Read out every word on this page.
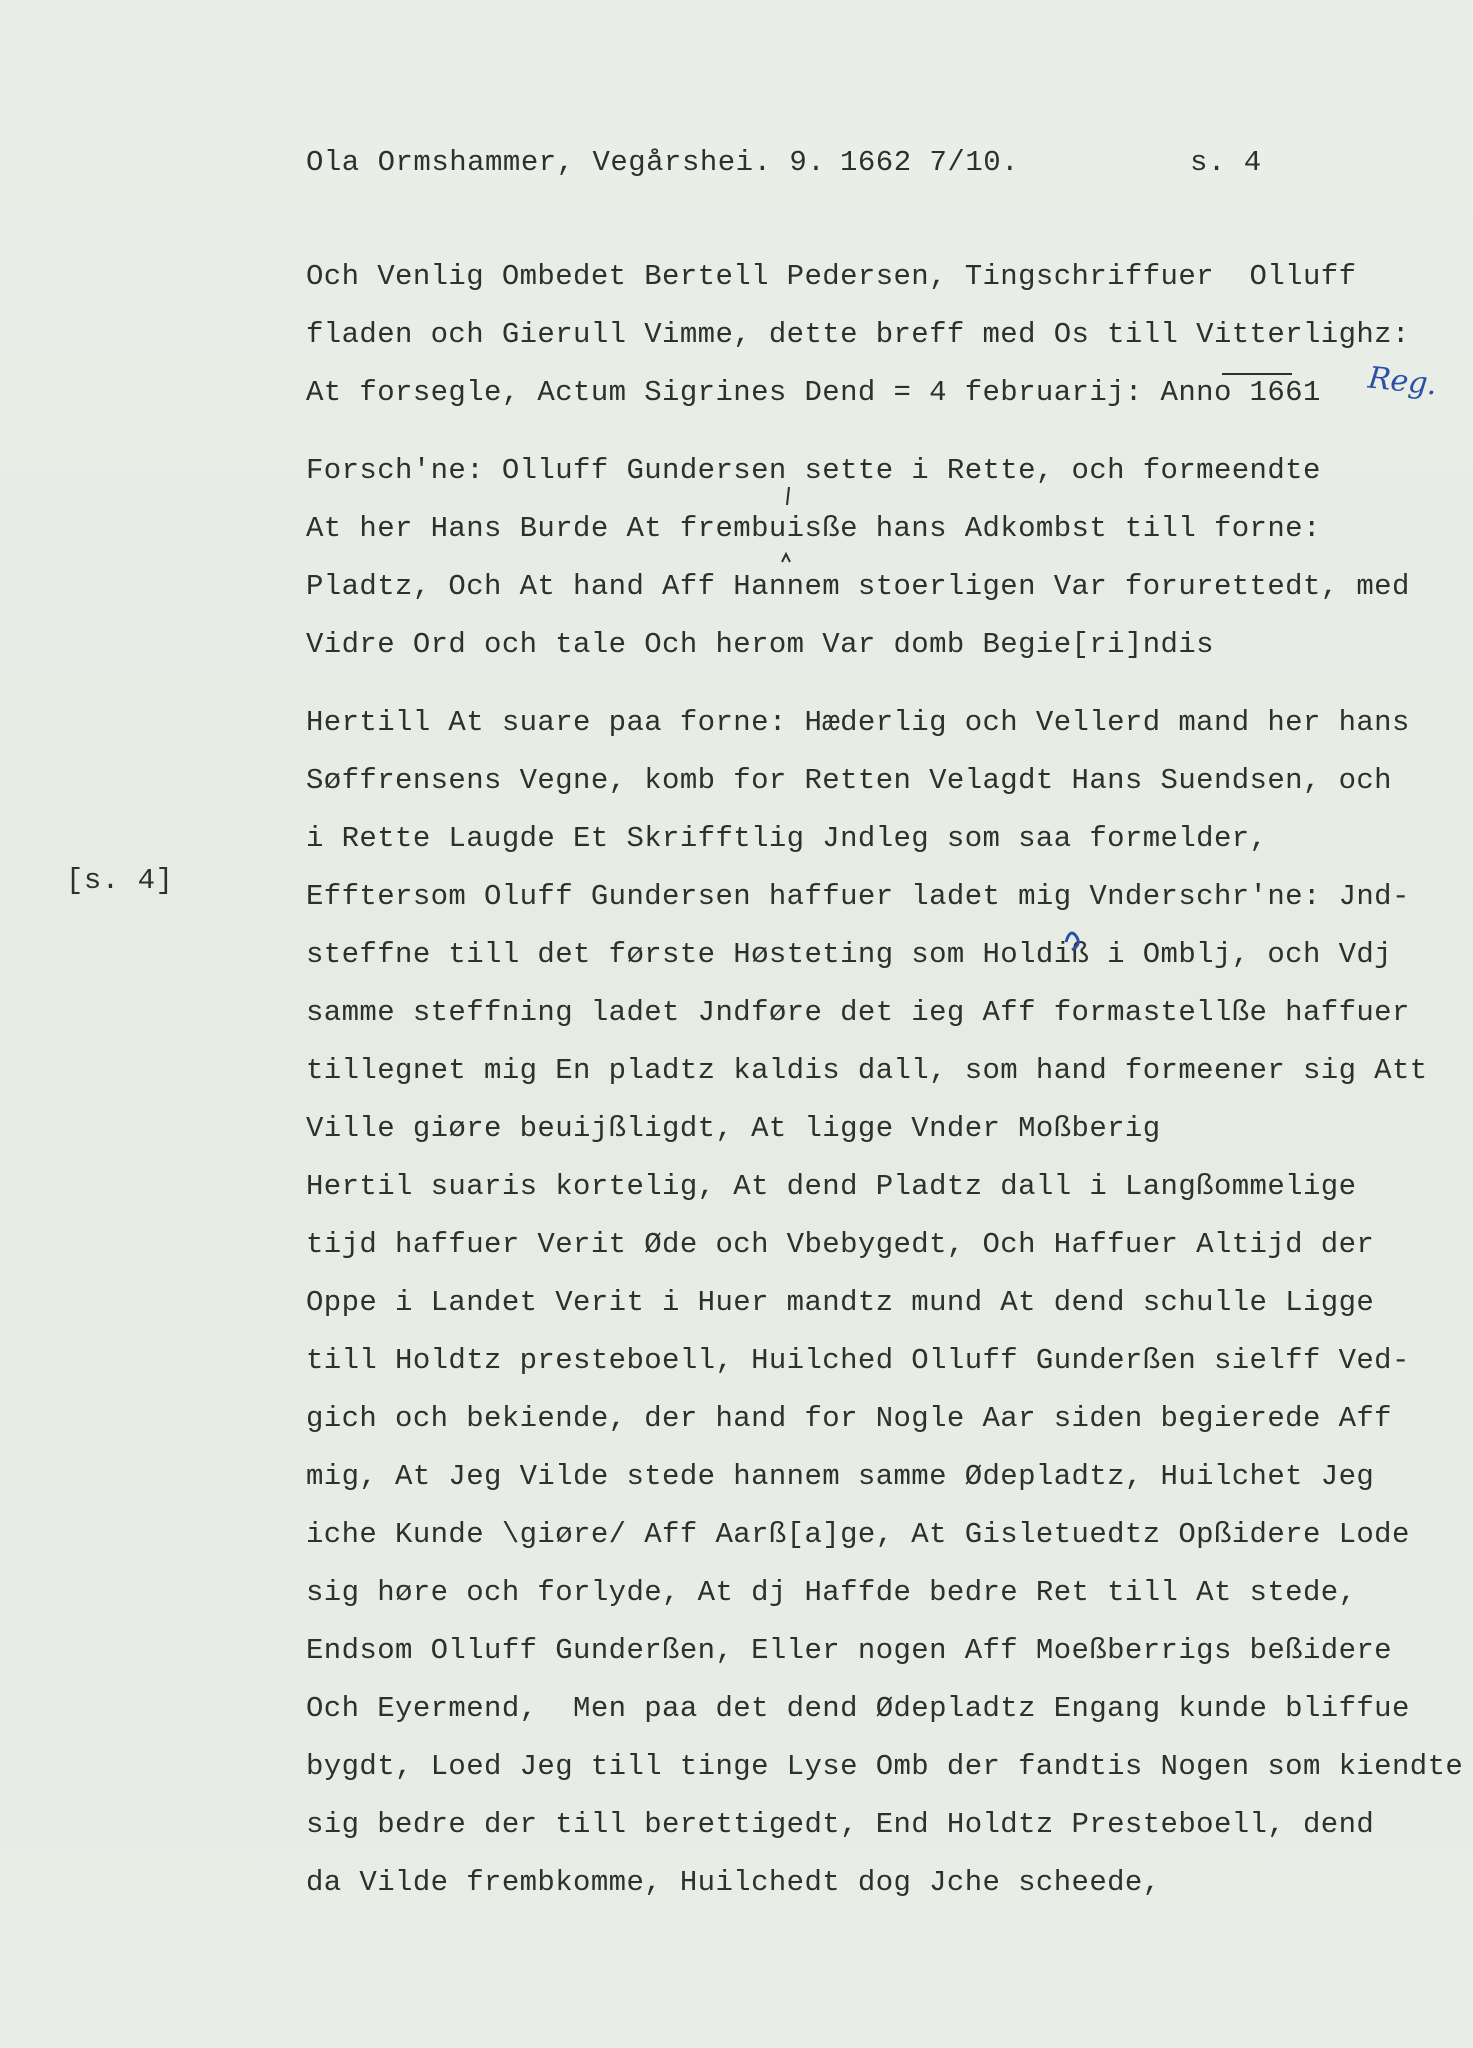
Ola Ormshammer, Vegårshei. 9.

1662 7/10.

	s. 4

[s. 4]
Reg.
Och Venlig Ombedet Bertell Pedersen, Tingschriffuer  Olluff
fladen och Gierull Vimme, dette breff med Os till Vitterlighz:
At forsegle, Actum Sigrines Dend = 4 februarij: Anno 1661
Forsch'ne: Olluff Gundersen sette i Rette, och formeendte
At her Hans Burde At frembuisße hans Adkombst till forne:
Pladtz, Och At hand Aff Hannem stoerligen Var forurettedt, med
Vidre Ord och tale Och herom Var domb Begie[ri]ndis
Hertill At suare paa forne: Hæderlig och Vellerd mand her hans
Søffrensens Vegne, komb for Retten Velagdt Hans Suendsen, och
i Rette Laugde Et Skrifftlig Jndleg som saa formelder,
Efftersom Oluff Gundersen haffuer ladet mig Vnderschr'ne: Jnd-
steffne till det første Høsteting som Holdiß i Omblj, och Vdj
samme steffning ladet Jndføre det ieg Aff formastellße haffuer
tillegnet mig En pladtz kaldis dall, som hand formeener sig Att
Ville giøre beuijßligdt, At ligge Vnder Moßberig
Hertil suaris kortelig, At dend Pladtz dall i Langßommelige
tijd haffuer Verit Øde och Vbebygedt, Och Haffuer Altijd der
Oppe i Landet Verit i Huer mandtz mund At dend schulle Ligge
till Holdtz presteboell, Huilched Olluff Gunderßen sielff Ved-
gich och bekiende, der hand for Nogle Aar siden begierede Aff
mig, At Jeg Vilde stede hannem samme Ødepladtz, Huilchet Jeg
iche Kunde \giøre/ Aff Aarß[a]ge, At Gisletuedtz Opßidere Lode
sig høre och forlyde, At dj Haffde bedre Ret till At stede,
Endsom Olluff Gunderßen, Eller nogen Aff Moeßberrigs beßidere
Och Eyermend,  Men paa det dend Ødepladtz Engang kunde bliffue
bygdt, Loed Jeg till tinge Lyse Omb der fandtis Nogen som kiendte
sig bedre der till berettigedt, End Holdtz Presteboell, dend
da Vilde frembkomme, Huilchedt dog Jche scheede,
